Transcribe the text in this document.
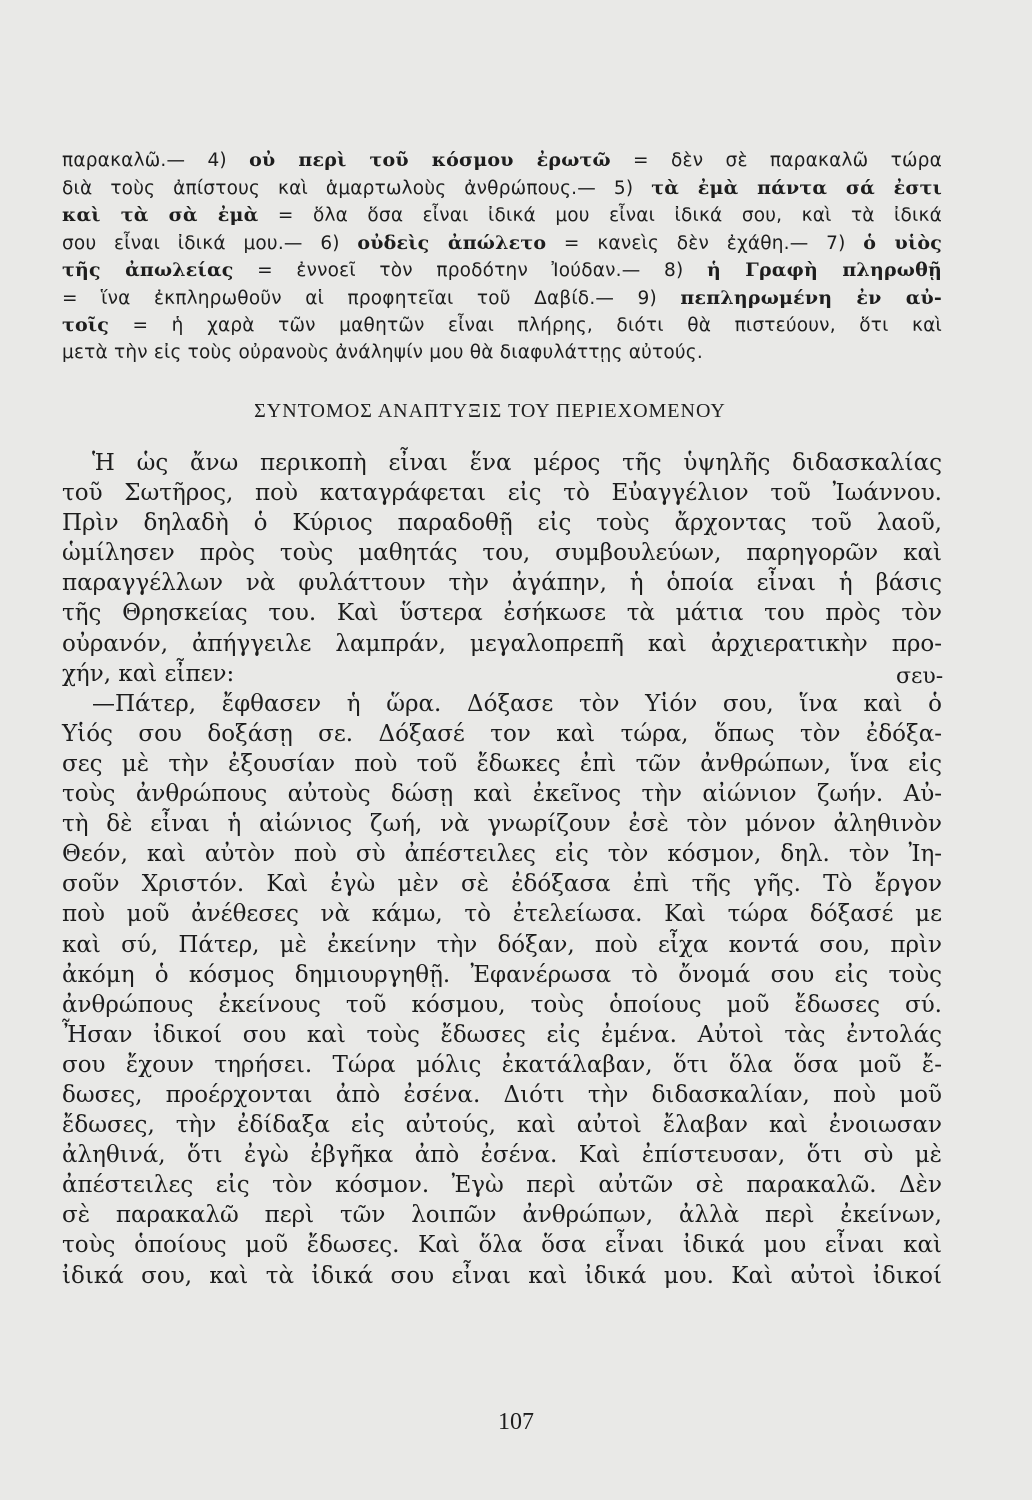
παρακαλῶ.— 4) οὐ περὶ τοῦ κόσμου ἐρωτῶ = δὲν σὲ παρακαλῶ τώρα
διὰ τοὺς ἀπίστους καὶ ἁμαρτωλοὺς ἀνθρώπους.— 5) τὰ ἐμὰ πάντα σά ἐστι
καὶ τὰ σὰ ἐμὰ = ὅλα ὅσα εἶναι ἰδικά μου εἶναι ἰδικά σου, καὶ τὰ ἰδικά
σου εἶναι ἰδικά μου.— 6) οὐδεὶς ἀπώλετο = κανεὶς δὲν ἐχάθη.— 7) ὁ υἱὸς
τῆς ἀπωλείας = ἐννοεῖ τὸν προδότην Ἰούδαν.— 8) ἡ Γραφὴ πληρωθῇ
= ἵνα ἐκπληρωθοῦν αἱ προφητεῖαι τοῦ Δαβίδ.— 9) πεπληρωμένη ἐν αὐ-
τοῖς = ἡ χαρὰ τῶν μαθητῶν εἶναι πλήρης, διότι θὰ πιστεύουν, ὅτι καὶ
μετὰ τὴν εἰς τοὺς οὐρανοὺς ἀνάληψίν μου θὰ διαφυλάττῃς αὐτούς.
ΣΥΝΤΟΜΟΣ ΑΝΑΠΤΥΞΙΣ ΤΟΥ ΠΕΡΙΕΧΟΜΕΝΟΥ
Ἡ ὡς ἄνω περικοπὴ εἶναι ἕνα μέρος τῆς ὑψηλῆς διδασκαλίας
τοῦ Σωτῆρος, ποὺ καταγράφεται εἰς τὸ Εὐαγγέλιον τοῦ Ἰωάννου.
Πρὶν δηλαδὴ ὁ Κύριος παραδοθῇ εἰς τοὺς ἄρχοντας τοῦ λαοῦ,
ὡμίλησεν πρὸς τοὺς μαθητάς του, συμβουλεύων, παρηγορῶν καὶ
παραγγέλλων νὰ φυλάττουν τὴν ἀγάπην, ἡ ὁποία εἶναι ἡ βάσις
τῆς Θρησκείας του. Καὶ ὕστερα ἐσήκωσε τὰ μάτια του πρὸς τὸν
οὐρανόν, ἀπήγγειλε λαμπράν, μεγαλοπρεπῆ καὶ ἀρχιερατικὴν προ-
χήν, καὶ εἶπεν:
—Πάτερ, ἔφθασεν ἡ ὥρα. Δόξασε τὸν Υἱόν σου, ἵνα καὶ ὁ
Υἱός σου δοξάσῃ σε. Δόξασέ τον καὶ τώρα, ὅπως τὸν ἐδόξα-
σες μὲ τὴν ἐξουσίαν ποὺ τοῦ ἔδωκες ἐπὶ τῶν ἀνθρώπων, ἵνα εἰς
τοὺς ἀνθρώπους αὐτοὺς δώσῃ καὶ ἐκεῖνος τὴν αἰώνιον ζωήν. Αὐ-
τὴ δὲ εἶναι ἡ αἰώνιος ζωή, νὰ γνωρίζουν ἐσὲ τὸν μόνον ἀληθινὸν
Θεόν, καὶ αὐτὸν ποὺ σὺ ἀπέστειλες εἰς τὸν κόσμον, δηλ. τὸν Ἰη-
σοῦν Χριστόν. Καὶ ἐγὼ μὲν σὲ ἐδόξασα ἐπὶ τῆς γῆς. Τὸ ἔργον
ποὺ μοῦ ἀνέθεσες νὰ κάμω, τὸ ἐτελείωσα. Καὶ τώρα δόξασέ με
καὶ σύ, Πάτερ, μὲ ἐκείνην τὴν δόξαν, ποὺ εἶχα κοντά σου, πρὶν
ἀκόμη ὁ κόσμος δημιουργηθῇ. Ἐφανέρωσα τὸ ὄνομά σου εἰς τοὺς
ἀνθρώπους ἐκείνους τοῦ κόσμου, τοὺς ὁποίους μοῦ ἔδωσες σύ.
Ἦσαν ἰδικοί σου καὶ τοὺς ἔδωσες εἰς ἐμένα. Αὐτοὶ τὰς ἐντολάς
σου ἔχουν τηρήσει. Τώρα μόλις ἐκατάλαβαν, ὅτι ὅλα ὅσα μοῦ ἔ-
δωσες, προέρχονται ἀπὸ ἐσένα. Διότι τὴν διδασκαλίαν, ποὺ μοῦ
ἔδωσες, τὴν ἐδίδαξα εἰς αὐτούς, καὶ αὐτοὶ ἔλαβαν καὶ ἐνοιωσαν
ἀληθινά, ὅτι ἐγὼ ἐβγῆκα ἀπὸ ἐσένα. Καὶ ἐπίστευσαν, ὅτι σὺ μὲ
ἀπέστειλες εἰς τὸν κόσμον. Ἐγὼ περὶ αὐτῶν σὲ παρακαλῶ. Δὲν
σὲ παρακαλῶ περὶ τῶν λοιπῶν ἀνθρώπων, ἀλλὰ περὶ ἐκείνων,
τοὺς ὁποίους μοῦ ἔδωσες. Καὶ ὅλα ὅσα εἶναι ἰδικά μου εἶναι καὶ
ἰδικά σου, καὶ τὰ ἰδικά σου εἶναι καὶ ἰδικά μου. Καὶ αὐτοὶ ἰδικοί
σευ-
107
